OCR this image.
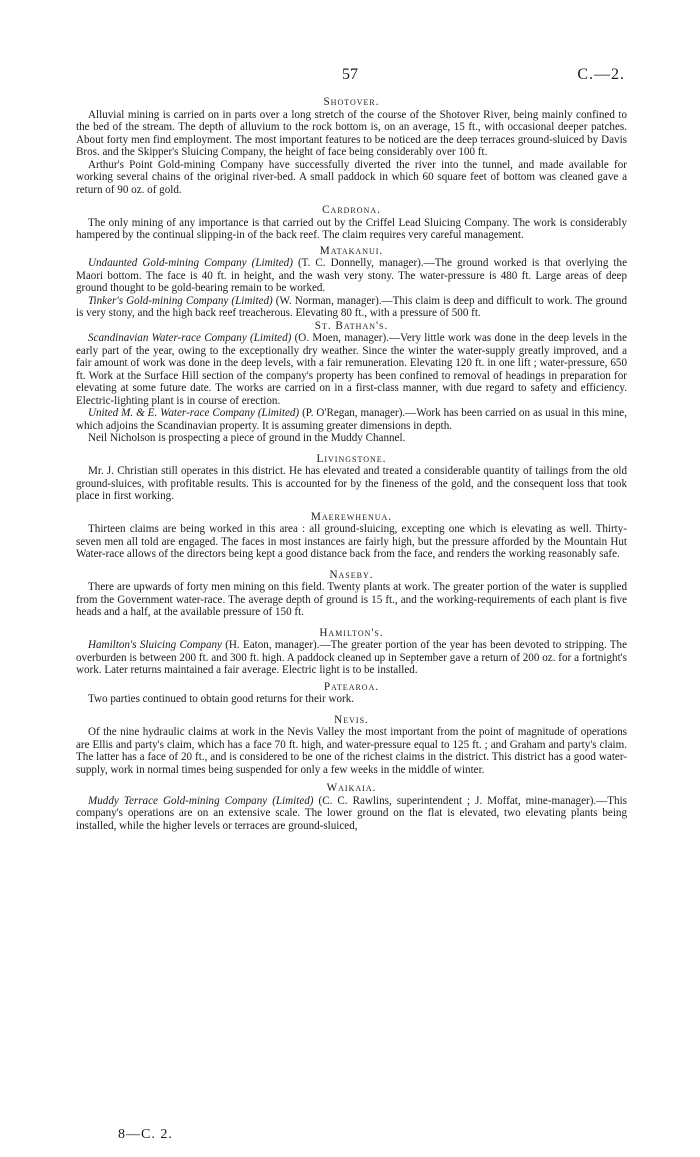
57	C.—2.
Shotover.

Alluvial mining is carried on in parts over a long stretch of the course of the Shotover River, being mainly confined to the bed of the stream. The depth of alluvium to the rock bottom is, on an average, 15 ft., with occasional deeper patches. About forty men find employment. The most important features to be noticed are the deep terraces ground-sluiced by Davis Bros. and the Skipper's Sluicing Company, the height of face being considerably over 100 ft.

Arthur's Point Gold-mining Company have successfully diverted the river into the tunnel, and made available for working several chains of the original river-bed. A small paddock in which 60 square feet of bottom was cleaned gave a return of 90 oz. of gold.

Cardrona.

The only mining of any importance is that carried out by the Criffel Lead Sluicing Company. The work is considerably hampered by the continual slipping-in of the back reef. The claim requires very careful management.

Matakanui.

Undaunted Gold-mining Company (Limited) (T. C. Donnelly, manager).—The ground worked is that overlying the Maori bottom. The face is 40 ft. in height, and the wash very stony. The water-pressure is 480 ft. Large areas of deep ground thought to be gold-bearing remain to be worked.

Tinker's Gold-mining Company (Limited) (W. Norman, manager).—This claim is deep and difficult to work. The ground is very stony, and the high back reef treacherous. Elevating 80 ft., with a pressure of 500 ft.

St. Bathan's.

Scandinavian Water-race Company (Limited) (O. Moen, manager).—Very little work was done in the deep levels in the early part of the year, owing to the exceptionally dry weather. Since the winter the water-supply greatly improved, and a fair amount of work was done in the deep levels, with a fair remuneration. Elevating 120 ft. in one lift ; water-pressure, 650 ft. Work at the Surface Hill section of the company's property has been confined to removal of headings in preparation for elevating at some future date. The works are carried on in a first-class manner, with due regard to safety and efficiency. Electric-lighting plant is in course of erection.

United M. & E. Water-race Company (Limited) (P. O'Regan, manager).—Work has been carried on as usual in this mine, which adjoins the Scandinavian property. It is assuming greater dimensions in depth.

Neil Nicholson is prospecting a piece of ground in the Muddy Channel.

Livingstone.

Mr. J. Christian still operates in this district. He has elevated and treated a considerable quantity of tailings from the old ground-sluices, with profitable results. This is accounted for by the fineness of the gold, and the consequent loss that took place in first working.

Maerewhenua.

Thirteen claims are being worked in this area : all ground-sluicing, excepting one which is elevating as well. Thirty-seven men all told are engaged. The faces in most instances are fairly high, but the pressure afforded by the Mountain Hut Water-race allows of the directors being kept a good distance back from the face, and renders the working reasonably safe.

Naseby.

There are upwards of forty men mining on this field. Twenty plants at work. The greater portion of the water is supplied from the Government water-race. The average depth of ground is 15 ft., and the working-requirements of each plant is five heads and a half, at the available pressure of 150 ft.

Hamilton's.

Hamilton's Sluicing Company (H. Eaton, manager).—The greater portion of the year has been devoted to stripping. The overburden is between 200 ft. and 300 ft. high. A paddock cleaned up in September gave a return of 200 oz. for a fortnight's work. Later returns maintained a fair average. Electric light is to be installed.

Patearoa.

Two parties continued to obtain good returns for their work.

Nevis.

Of the nine hydraulic claims at work in the Nevis Valley the most important from the point of magnitude of operations are Ellis and party's claim, which has a face 70 ft. high, and water-pressure equal to 125 ft. ; and Graham and party's claim. The latter has a face of 20 ft., and is considered to be one of the richest claims in the district. This district has a good water-supply, work in normal times being suspended for only a few weeks in the middle of winter.

Waikaia.

Muddy Terrace Gold-mining Company (Limited) (C. C. Rawlins, superintendent ; J. Moffat, mine-manager).—This company's operations are on an extensive scale. The lower ground on the flat is elevated, two elevating plants being installed, while the higher levels or terraces are ground-sluiced,

8—C. 2.
